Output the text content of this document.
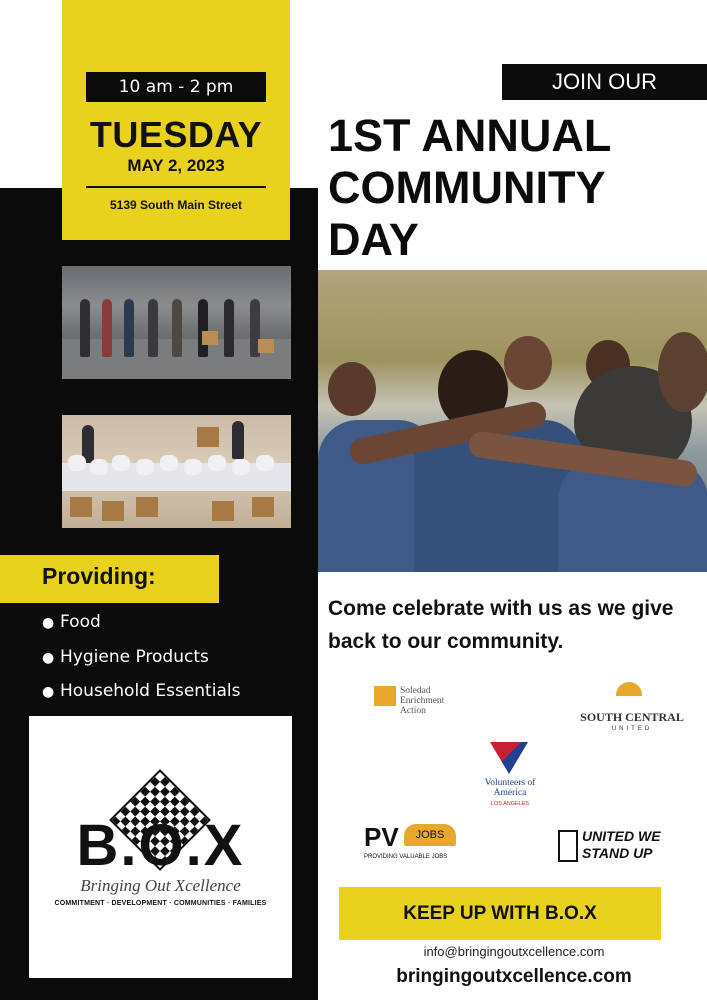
10 am - 2 pm
TUESDAY
MAY 2, 2023
5139 South Main Street
Providing:
● Food
● Hygiene Products
● Household Essentials
B.O.X
Bringing Out Xcellence
COMMITMENT · DEVELOPMENT · COMMUNITIES · FAMILIES
JOIN OUR
1ST ANNUAL COMMUNITY DAY
Come celebrate with us as we give back to our community.
Soledad Enrichment Action	SOUTH CENTRAL
UNITED
Volunteers of America
LOS ANGELES
PV	JOBS
PROVIDING VALUABLE JOBS
UNITED WE STAND UP
KEEP UP WITH B.O.X
info@bringingoutxcellence.com
bringingoutxcellence.com
